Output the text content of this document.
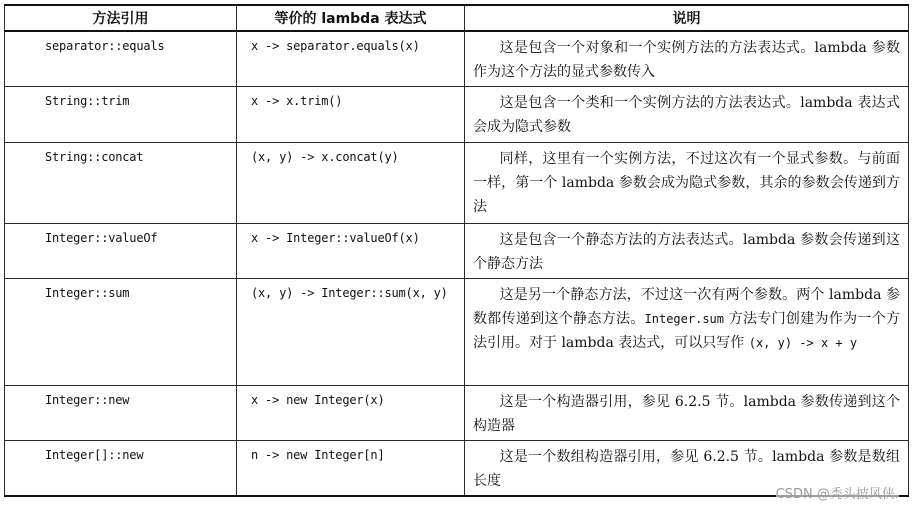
方法引用	等价的 lambda 表达式	说明

separator::equals	x -> separator.equals(x)	这是包含一个对象和一个实例方法的方法表达式。lambda 参数作为这个方法的显式参数传入

String::trim	x -> x.trim()	这是包含一个类和一个实例方法的方法表达式。lambda 表达式会成为隐式参数

String::concat	(x, y) -> x.concat(y)	同样，这里有一个实例方法，不过这次有一个显式参数。与前面一样，第一个 lambda 参数会成为隐式参数，其余的参数会传递到方法

Integer::valueOf	x -> Integer::valueOf(x)	这是包含一个静态方法的方法表达式。lambda 参数会传递到这个静态方法

Integer::sum	(x, y) -> Integer::sum(x, y)	这是另一个静态方法，不过这一次有两个参数。两个 lambda 参数都传递到这个静态方法。Integer.sum 方法专门创建为作为一个方法引用。对于 lambda 表达式，可以只写作 (x, y) -> x + y

Integer::new	x -> new Integer(x)	这是一个构造器引用，参见 6.2.5 节。lambda 参数传递到这个构造器

Integer[]::new	n -> new Integer[n]	这是一个数组构造器引用，参见 6.2.5 节。lambda 参数是数组长度
CSDN @秃头披风侠.
